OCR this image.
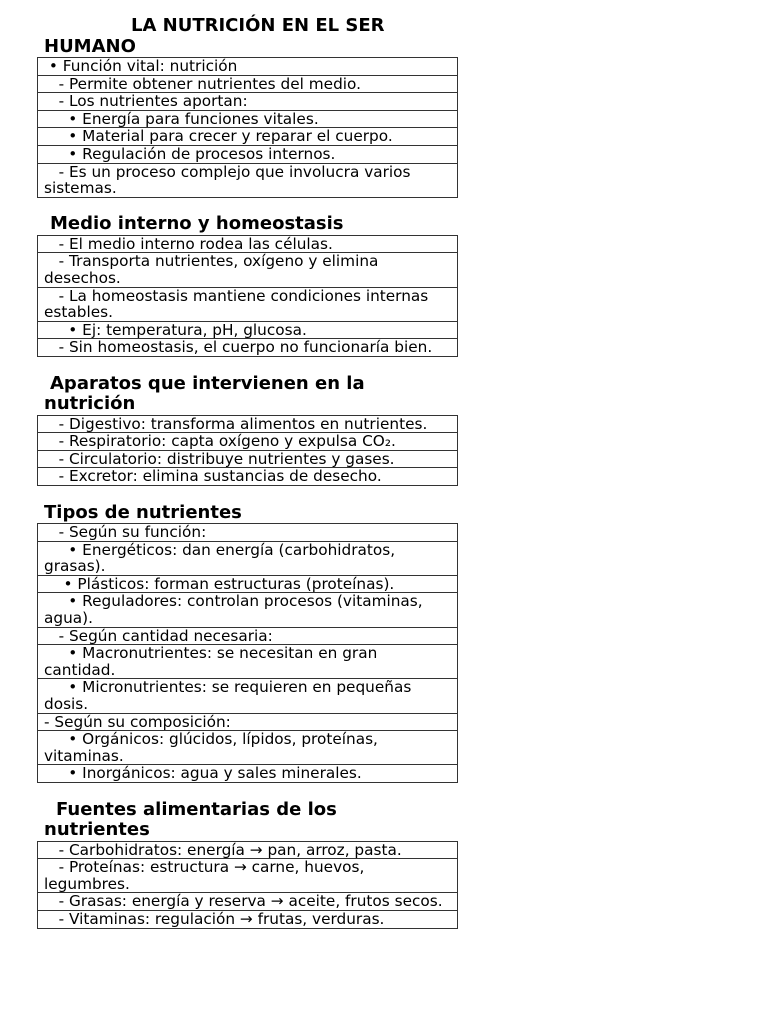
LA NUTRICIÓN EN EL SER
HUMANO
• Función vital: nutrición
- Permite obtener nutrientes del medio.
- Los nutrientes aportan:
• Energía para funciones vitales.
• Material para crecer y reparar el cuerpo.
• Regulación de procesos internos.
- Es un proceso complejo que involucra varios
sistemas.
Medio interno y homeostasis
- El medio interno rodea las células.
- Transporta nutrientes, oxígeno y elimina
desechos.
- La homeostasis mantiene condiciones internas
estables.
• Ej: temperatura, pH, glucosa.
- Sin homeostasis, el cuerpo no funcionaría bien.
Aparatos que intervienen en la
nutrición
- Digestivo: transforma alimentos en nutrientes.
- Respiratorio: capta oxígeno y expulsa CO₂.
- Circulatorio: distribuye nutrientes y gases.
- Excretor: elimina sustancias de desecho.
Tipos de nutrientes
- Según su función:
• Energéticos: dan energía (carbohidratos,
grasas).
• Plásticos: forman estructuras (proteínas).
• Reguladores: controlan procesos (vitaminas,
agua).
- Según cantidad necesaria:
• Macronutrientes: se necesitan en gran
cantidad.
• Micronutrientes: se requieren en pequeñas
dosis.
- Según su composición:
• Orgánicos: glúcidos, lípidos, proteínas,
vitaminas.
• Inorgánicos: agua y sales minerales.
Fuentes alimentarias de los
nutrientes
- Carbohidratos: energía → pan, arroz, pasta.
- Proteínas: estructura → carne, huevos,
legumbres.
- Grasas: energía y reserva → aceite, frutos secos.
- Vitaminas: regulación → frutas, verduras.
